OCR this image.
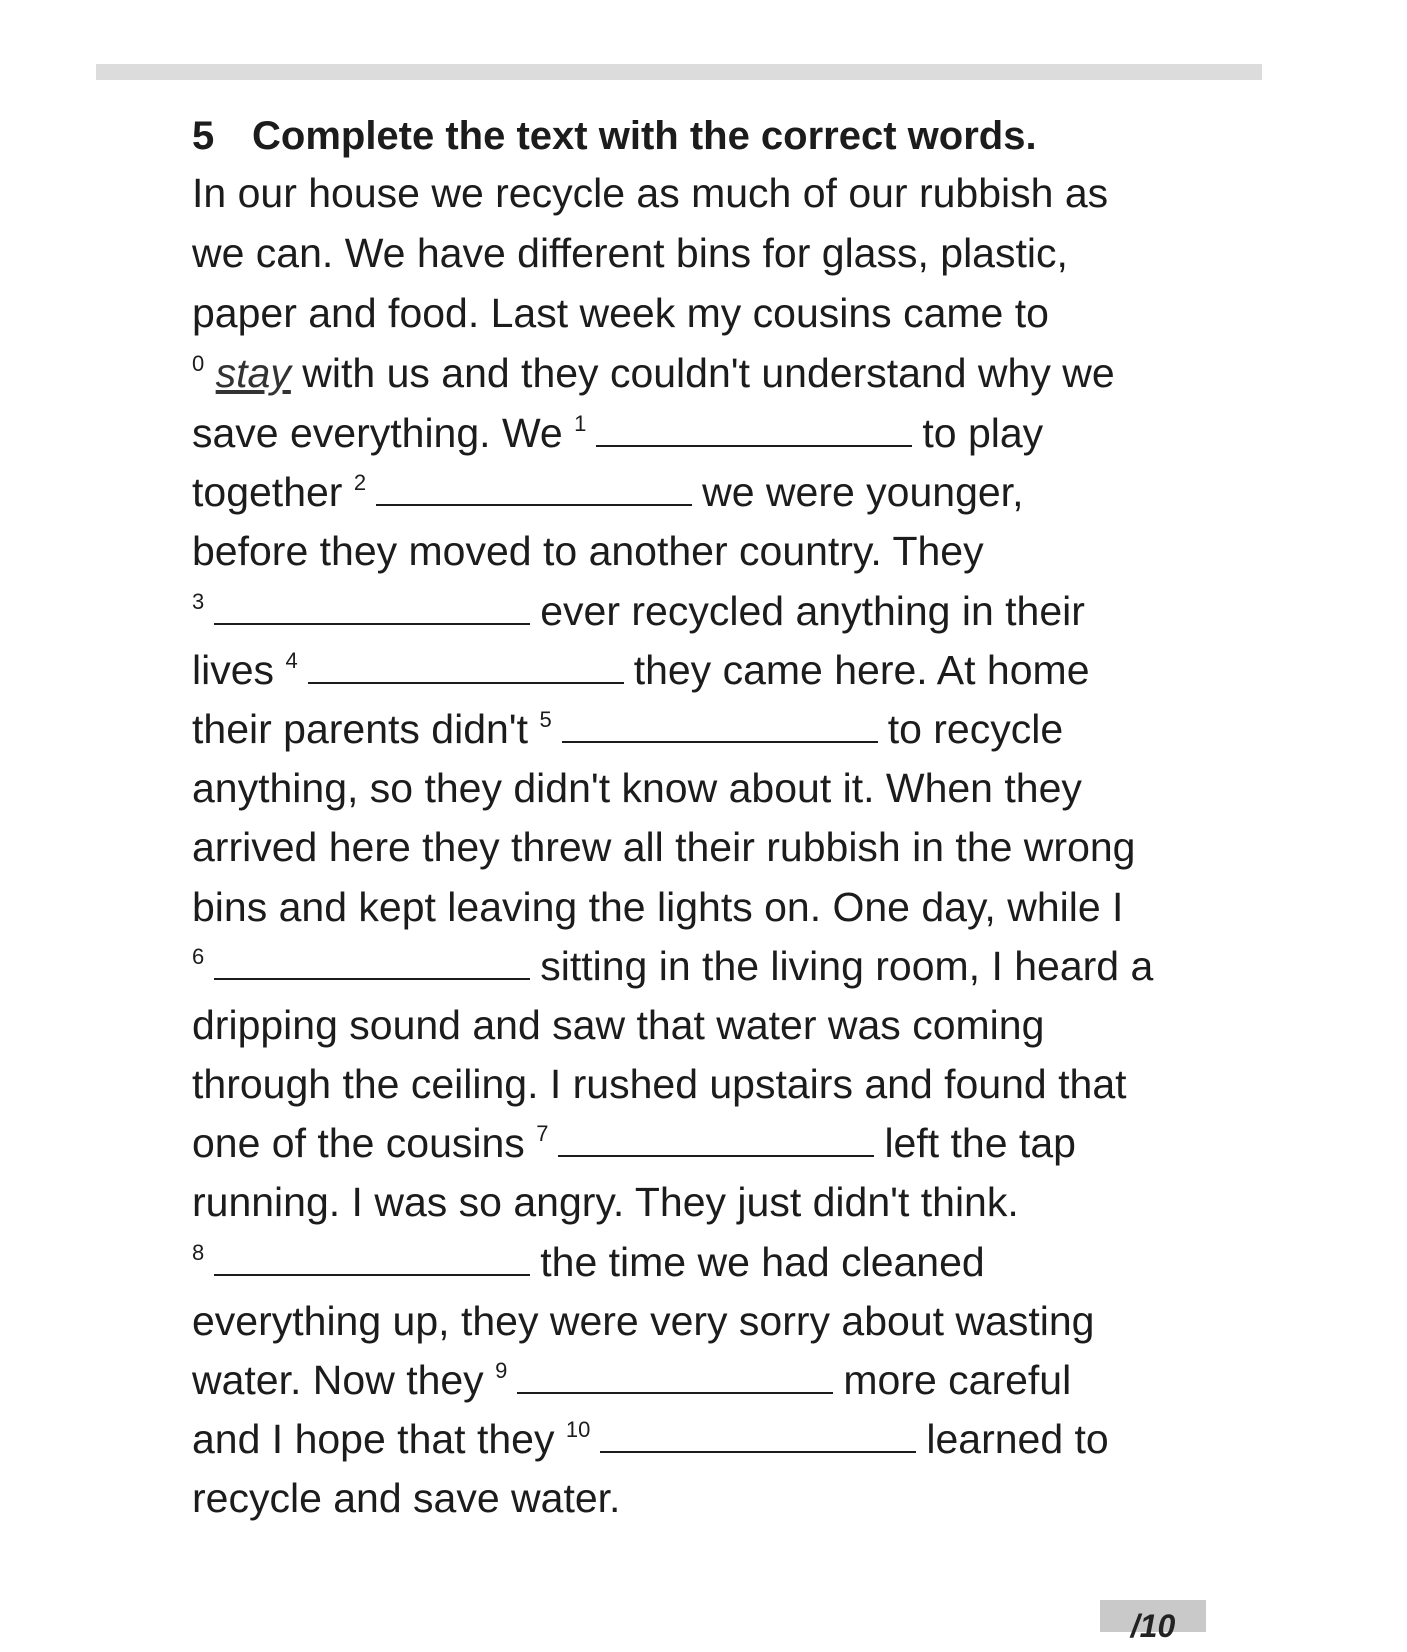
5 Complete the text with the correct words.
In our house we recycle as much of our rubbish as
we can. We have different bins for glass, plastic,
paper and food. Last week my cousins came to
$^0$ stay with us and they couldn't understand why we
save everything. We $^1$	to play
together $^2$	we were younger,
before they moved to another country. They
$^3$	ever recycled anything in their
lives $^4$	they came here. At home
their parents didn't $^5$	to recycle
anything, so they didn't know about it. When they
arrived here they threw all their rubbish in the wrong
bins and kept leaving the lights on. One day, while I
$^6$	sitting in the living room, I heard a
dripping sound and saw that water was coming
through the ceiling. I rushed upstairs and found that
one of the cousins $^7$	left the tap
running. I was so angry. They just didn't think.
$^8$	the time we had cleaned
everything up, they were very sorry about wasting
water. Now they $^9$	more careful
and I hope that they $^{10}$	learned to
recycle and save water.
/10
